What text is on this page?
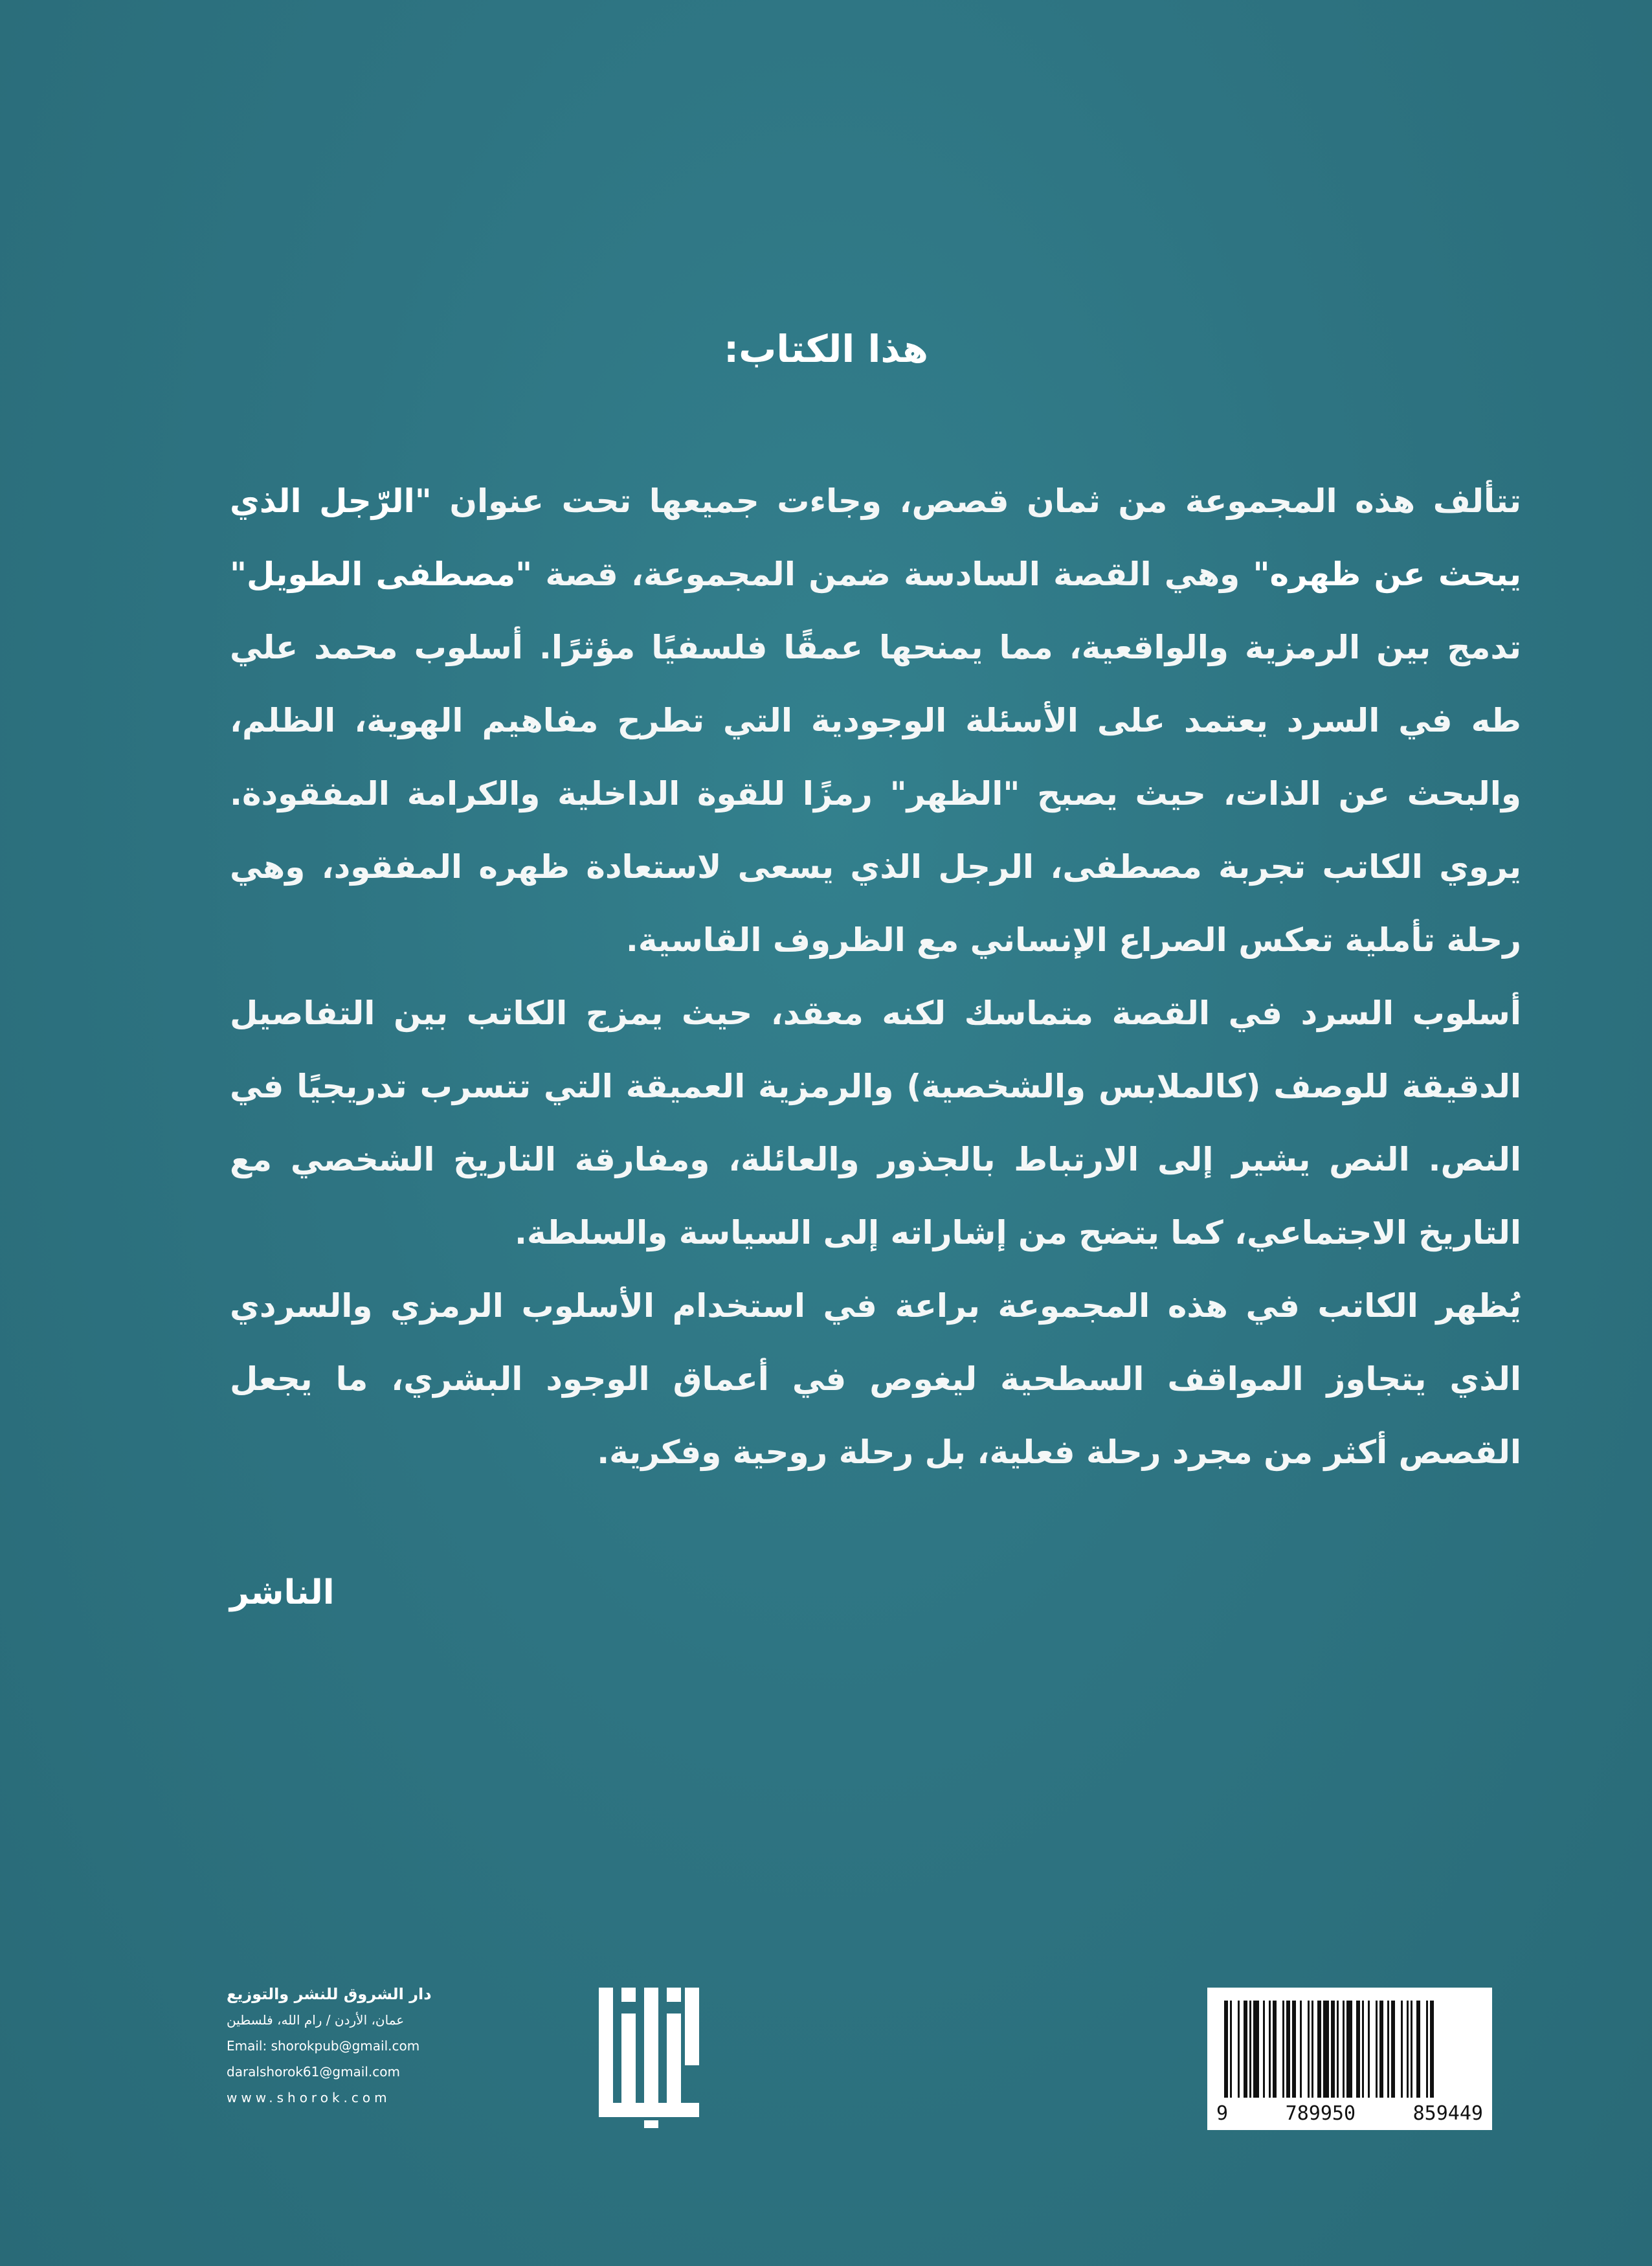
هذا الكتاب:

تتألف هذه المجموعة من ثمان قصص، وجاءت جميعها تحت عنوان "الرّجل الذي يبحث عن ظهره" وهي القصة السادسة ضمن المجموعة، قصة "مصطفى الطويل" تدمج بين الرمزية والواقعية، مما يمنحها عمقًا فلسفيًا مؤثرًا. أسلوب محمد علي طه في السرد يعتمد على الأسئلة الوجودية التي تطرح مفاهيم الهوية، الظلم، والبحث عن الذات، حيث يصبح "الظهر" رمزًا للقوة الداخلية والكرامة المفقودة. يروي الكاتب تجربة مصطفى، الرجل الذي يسعى لاستعادة ظهره المفقود، وهي رحلة تأملية تعكس الصراع الإنساني مع الظروف القاسية.

أسلوب السرد في القصة متماسك لكنه معقد، حيث يمزج الكاتب بين التفاصيل الدقيقة للوصف (كالملابس والشخصية) والرمزية العميقة التي تتسرب تدريجيًا في النص. النص يشير إلى الارتباط بالجذور والعائلة، ومفارقة التاريخ الشخصي مع التاريخ الاجتماعي، كما يتضح من إشاراته إلى السياسة والسلطة.

يُظهر الكاتب في هذه المجموعة براعة في استخدام الأسلوب الرمزي والسردي الذي يتجاوز المواقف السطحية ليغوص في أعماق الوجود البشري، ما يجعل القصص أكثر من مجرد رحلة فعلية، بل رحلة روحية وفكرية.

الناشر
دار الشروق للنشر والتوزيع
عمان، الأردن / رام الله، فلسطين
Email: shorokpub@gmail.com
daralshorok61@gmail.com
www.shorok.com
9	789950	859449
